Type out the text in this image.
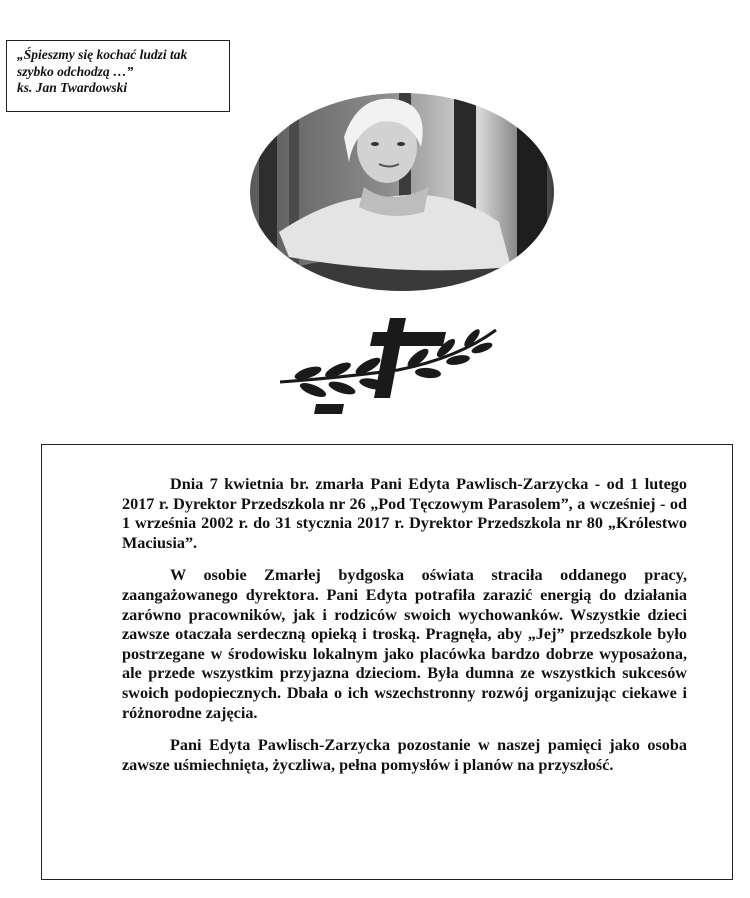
„Śpieszmy się kochać ludzi tak
szybko odchodzą …”
ks. Jan Twardowski

Dnia 7 kwietnia br. zmarła Pani Edyta Pawlisch-Zarzycka - od 1 lutego 2017 r. Dyrektor Przedszkola nr 26 „Pod Tęczowym Parasolem”, a wcześniej - od 1 września 2002 r. do 31 stycznia 2017 r. Dyrektor Przedszkola nr 80 „Królestwo Maciusia”.

W osobie Zmarłej bydgoska oświata straciła oddanego pracy, zaangażowanego dyrektora. Pani Edyta potrafiła zarazić energią do działania zarówno pracowników, jak i rodziców swoich wychowanków. Wszystkie dzieci zawsze otaczała serdeczną opieką i troską. Pragnęła, aby „Jej” przedszkole było postrzegane w środowisku lokalnym jako placówka bardzo dobrze wyposażona, ale przede wszystkim przyjazna dzieciom. Była dumna ze wszystkich sukcesów swoich podopiecznych. Dbała o ich wszechstronny rozwój organizując ciekawe i różnorodne zajęcia.

Pani Edyta Pawlisch-Zarzycka pozostanie w naszej pamięci jako osoba zawsze uśmiechnięta, życzliwa, pełna pomysłów i planów na przyszłość.
